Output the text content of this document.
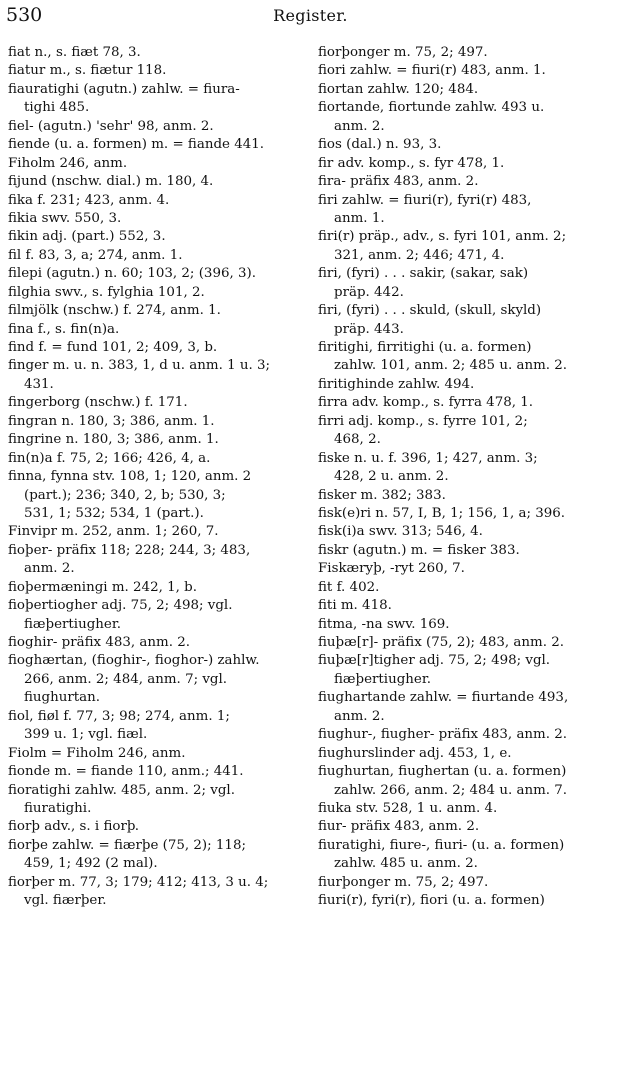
530	Register.
fiat n., s. fiæt 78, 3.
fiatur m., s. fiætur 118.
fiauratighi (agutn.) zahlw. = fiura-
tighi 485.
fiel- (agutn.) 'sehr' 98, anm. 2.
fiende (u. a. formen) m. = fiande 441.
Fiholm 246, anm.
fijund (nschw. dial.) m. 180, 4.
fika f. 231; 423, anm. 4.
fikia swv. 550, 3.
fikin adj. (part.) 552, 3.
fil f. 83, 3, a; 274, anm. 1.
filepi (agutn.) n. 60; 103, 2; (396, 3).
filghia swv., s. fylghia 101, 2.
filmjölk (nschw.) f. 274, anm. 1.
fina f., s. fin(n)a.
find f. = fund 101, 2; 409, 3, b.
finger m. u. n. 383, 1, d u. anm. 1 u. 3;
431.
fingerborg (nschw.) f. 171.
fingran n. 180, 3; 386, anm. 1.
fingrine n. 180, 3; 386, anm. 1.
fin(n)a f. 75, 2; 166; 426, 4, a.
finna, fynna stv. 108, 1; 120, anm. 2
(part.); 236; 340, 2, b; 530, 3;
531, 1; 532; 534, 1 (part.).
Finvipr m. 252, anm. 1; 260, 7.
fioþer- präfix 118; 228; 244, 3; 483,
anm. 2.
fioþermæningi m. 242, 1, b.
fioþertiogher adj. 75, 2; 498; vgl.
fiæþertiugher.
fioghir- präfix 483, anm. 2.
fioghærtan, (fioghir-, fioghor-) zahlw.
266, anm. 2; 484, anm. 7; vgl.
fiughurtan.
fiol, fiøl f. 77, 3; 98; 274, anm. 1;
399 u. 1; vgl. fiæl.
Fiolm = Fiholm 246, anm.
fionde m. = fiande 110, anm.; 441.
fioratighi zahlw. 485, anm. 2; vgl.
fiuratighi.
fiorþ adv., s. i fiorþ.
fiorþe zahlw. = fiærþe (75, 2); 118;
459, 1; 492 (2 mal).
fiorþer m. 77, 3; 179; 412; 413, 3 u. 4;
vgl. fiærþer.
fiorþonger m. 75, 2; 497.
fiori zahlw. = fiuri(r) 483, anm. 1.
fiortan zahlw. 120; 484.
fiortande, fiortunde zahlw. 493 u.
anm. 2.
fios (dal.) n. 93, 3.
fir adv. komp., s. fyr 478, 1.
fira- präfix 483, anm. 2.
firi zahlw. = fiuri(r), fyri(r) 483,
anm. 1.
firi(r) präp., adv., s. fyri 101, anm. 2;
321, anm. 2; 446; 471, 4.
firi, (fyri) . . . sakir, (sakar, sak)
präp. 442.
firi, (fyri) . . . skuld, (skull, skyld)
präp. 443.
firitighi, firritighi (u. a. formen)
zahlw. 101, anm. 2; 485 u. anm. 2.
firitighinde zahlw. 494.
firra adv. komp., s. fyrra 478, 1.
firri adj. komp., s. fyrre 101, 2;
468, 2.
fiske n. u. f. 396, 1; 427, anm. 3;
428, 2 u. anm. 2.
fisker m. 382; 383.
fisk(e)ri n. 57, I, B, 1; 156, 1, a; 396.
fisk(i)a swv. 313; 546, 4.
fiskr (agutn.) m. = fisker 383.
Fiskæryþ, -ryt 260, 7.
fit f. 402.
fiti m. 418.
fitma, -na swv. 169.
fiuþæ[r]- präfix (75, 2); 483, anm. 2.
fiuþæ[r]tigher adj. 75, 2; 498; vgl.
fiæþertiugher.
fiughartande zahlw. = fiurtande 493,
anm. 2.
fiughur-, fiugher- präfix 483, anm. 2.
fiughurslinder adj. 453, 1, e.
fiughurtan, fiughertan (u. a. formen)
zahlw. 266, anm. 2; 484 u. anm. 7.
fiuka stv. 528, 1 u. anm. 4.
fiur- präfix 483, anm. 2.
fiuratighi, fiure-, fiuri- (u. a. formen)
zahlw. 485 u. anm. 2.
fiurþonger m. 75, 2; 497.
fiuri(r), fyri(r), fiori (u. a. formen)
